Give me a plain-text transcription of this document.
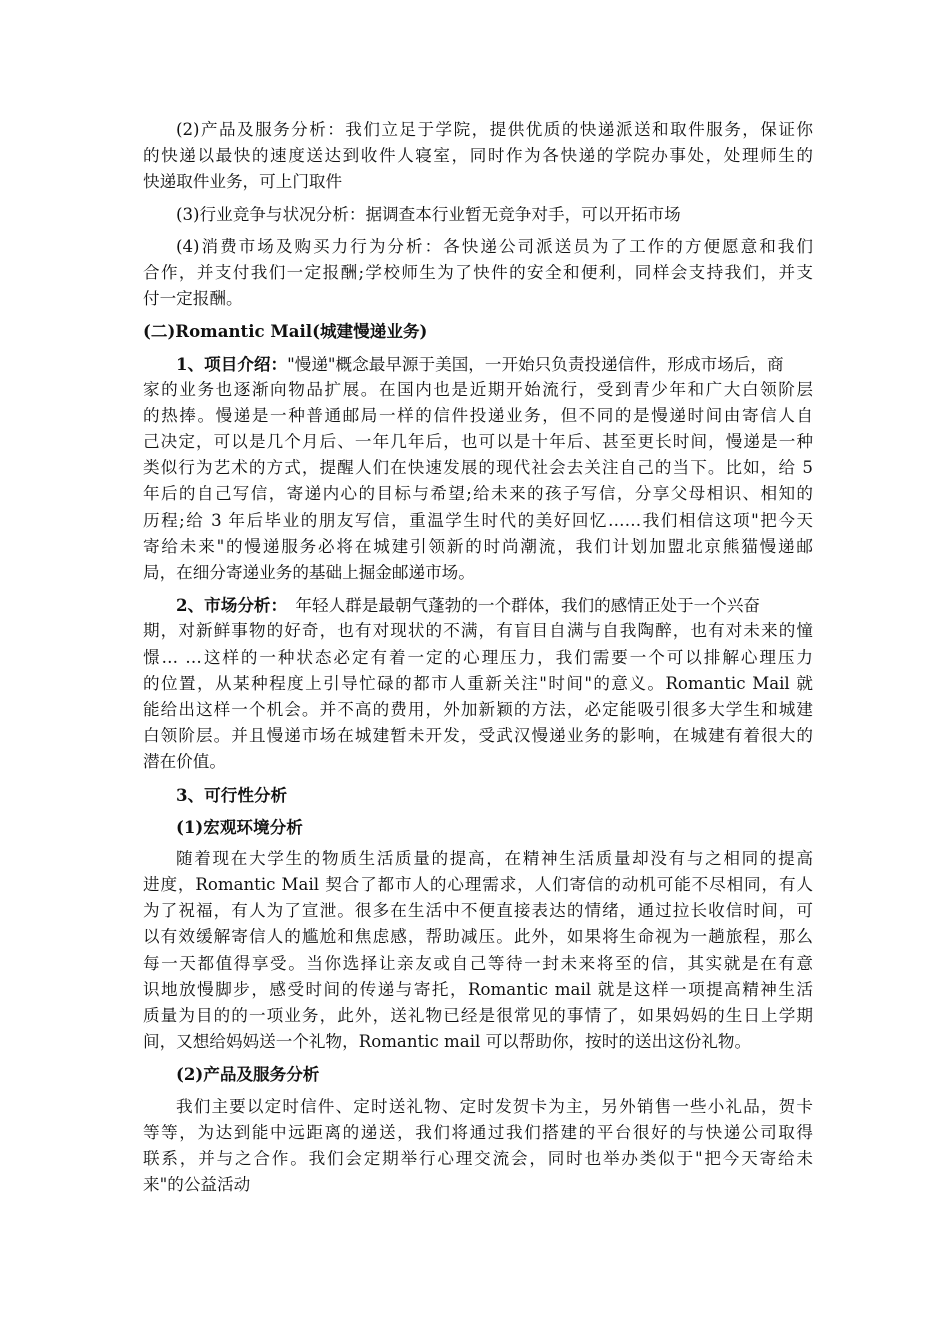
(2)产品及服务分析：我们立足于学院，提供优质的快递派送和取件服务，保证你
的快递以最快的速度送达到收件人寝室，同时作为各快递的学院办事处，处理师生的
快递取件业务，可上门取件
(3)行业竞争与状况分析：据调查本行业暂无竞争对手，可以开拓市场
(4)消费市场及购买力行为分析：各快递公司派送员为了工作的方便愿意和我们
合作，并支付我们一定报酬;学校师生为了快件的安全和便利，同样会支持我们，并支
付一定报酬。
(二)Romantic Mail(城建慢递业务)
1、项目介绍："慢递"概念最早源于美国，一开始只负责投递信件，形成市场后，商
家的业务也逐渐向物品扩展。在国内也是近期开始流行，受到青少年和广大白领阶层
的热捧。慢递是一种普通邮局一样的信件投递业务，但不同的是慢递时间由寄信人自
己决定，可以是几个月后、一年几年后，也可以是十年后、甚至更长时间，慢递是一种
类似行为艺术的方式，提醒人们在快速发展的现代社会去关注自己的当下。比如，给 5
年后的自己写信，寄递内心的目标与希望;给未来的孩子写信，分享父母相识、相知的
历程;给 3 年后毕业的朋友写信，重温学生时代的美好回忆……我们相信这项"把今天
寄给未来"的慢递服务必将在城建引领新的时尚潮流，我们计划加盟北京熊猫慢递邮
局，在细分寄递业务的基础上掘金邮递市场。
2、市场分析：　年轻人群是最朝气蓬勃的一个群体，我们的感情正处于一个兴奋
期，对新鲜事物的好奇，也有对现状的不满，有盲目自满与自我陶醉，也有对未来的憧
憬… …这样的一种状态必定有着一定的心理压力，我们需要一个可以排解心理压力
的位置，从某种程度上引导忙碌的都市人重新关注"时间"的意义。Romantic Mail 就
能给出这样一个机会。并不高的费用，外加新颖的方法，必定能吸引很多大学生和城建
白领阶层。并且慢递市场在城建暂未开发，受武汉慢递业务的影响，在城建有着很大的
潜在价值。
3、可行性分析
(1)宏观环境分析
随着现在大学生的物质生活质量的提高，在精神生活质量却没有与之相同的提高
进度，Romantic Mail 契合了都市人的心理需求，人们寄信的动机可能不尽相同，有人
为了祝福，有人为了宣泄。很多在生活中不便直接表达的情绪，通过拉长收信时间，可
以有效缓解寄信人的尴尬和焦虑感，帮助减压。此外，如果将生命视为一趟旅程，那么
每一天都值得享受。当你选择让亲友或自己等待一封未来将至的信，其实就是在有意
识地放慢脚步，感受时间的传递与寄托，Romantic mail 就是这样一项提高精神生活
质量为目的的一项业务，此外，送礼物已经是很常见的事情了，如果妈妈的生日上学期
间，又想给妈妈送一个礼物，Romantic mail 可以帮助你，按时的送出这份礼物。
(2)产品及服务分析
我们主要以定时信件、定时送礼物、定时发贺卡为主，另外销售一些小礼品，贺卡
等等，为达到能中远距离的递送，我们将通过我们搭建的平台很好的与快递公司取得
联系，并与之合作。我们会定期举行心理交流会，同时也举办类似于"把今天寄给未
来"的公益活动
